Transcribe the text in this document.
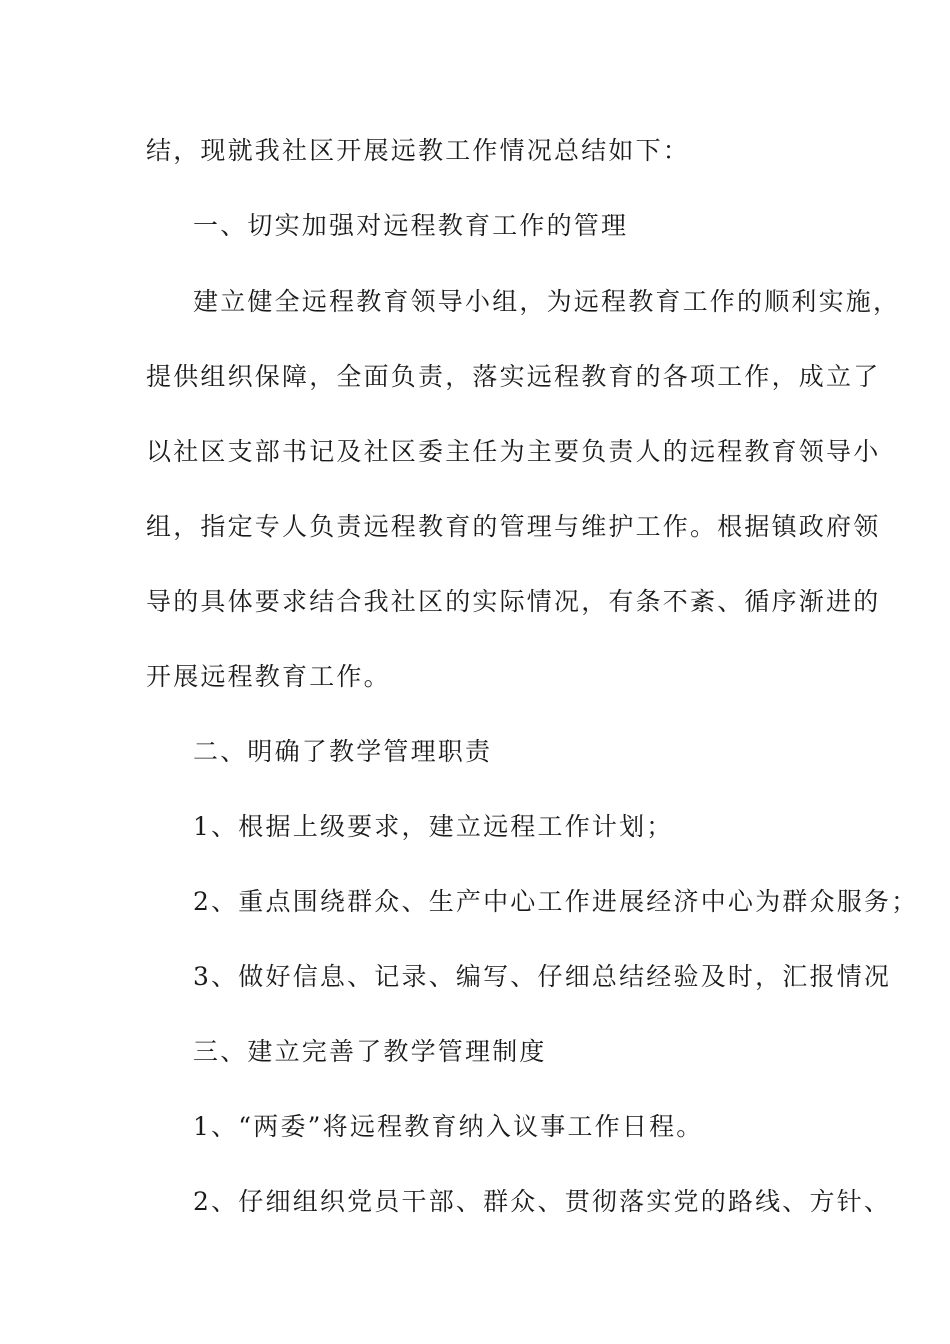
结，现就我社区开展远教工作情况总结如下：
一、切实加强对远程教育工作的管理
建立健全远程教育领导小组，为远程教育工作的顺利实施，
提供组织保障，全面负责，落实远程教育的各项工作，成立了
以社区支部书记及社区委主任为主要负责人的远程教育领导小
组，指定专人负责远程教育的管理与维护工作。根据镇政府领
导的具体要求结合我社区的实际情况，有条不紊、循序渐进的
开展远程教育工作。
二、明确了教学管理职责
1、根据上级要求，建立远程工作计划；
2、重点围绕群众、生产中心工作进展经济中心为群众服务；
3、做好信息、记录、编写、仔细总结经验及时，汇报情况
三、建立完善了教学管理制度
1、“两委”将远程教育纳入议事工作日程。
2、仔细组织党员干部、群众、贯彻落实党的路线、方针、
